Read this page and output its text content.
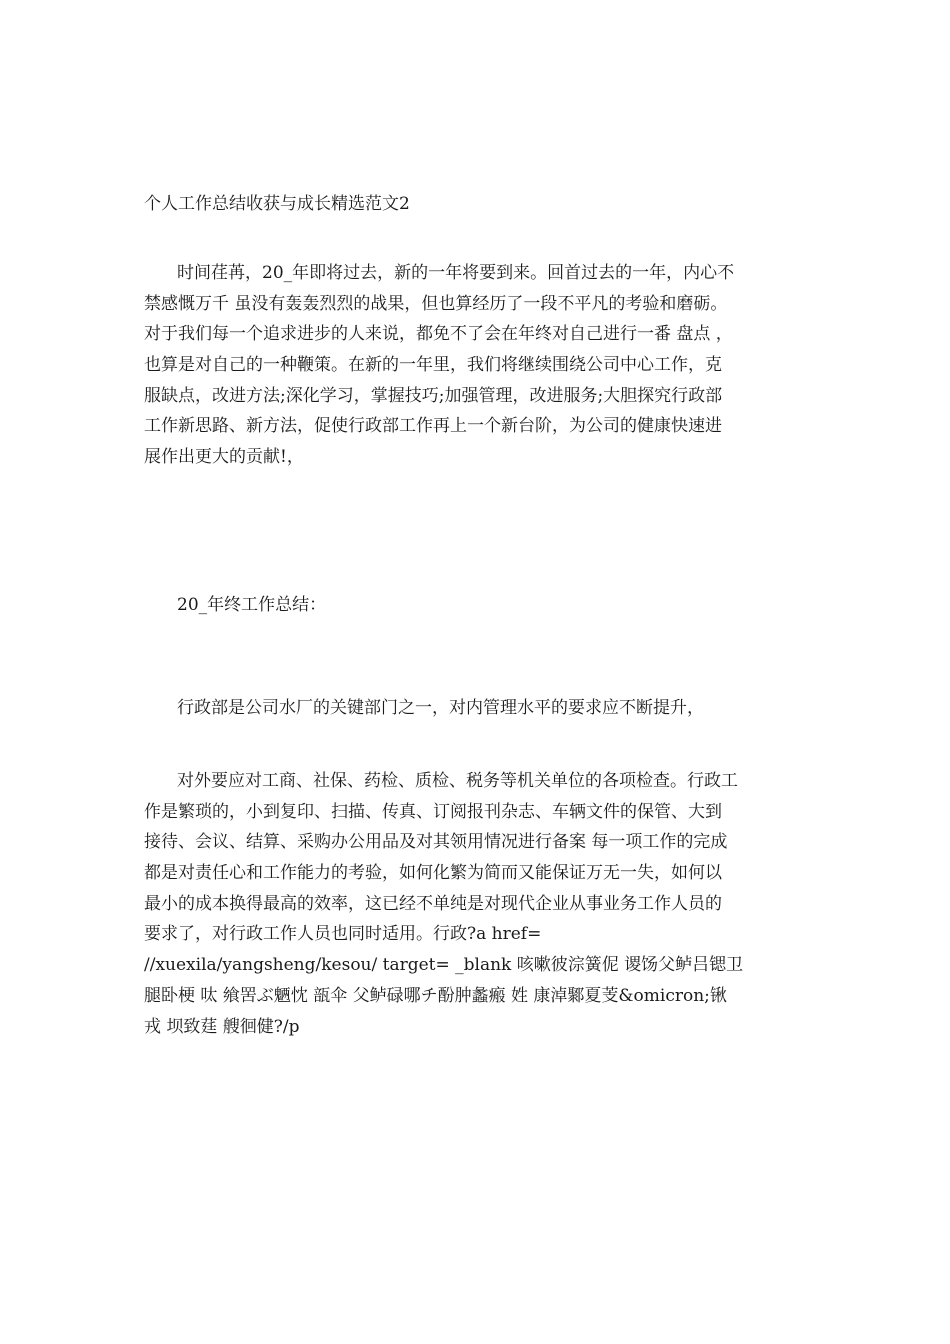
个人工作总结收获与成长精选范文2
时间荏苒，20_年即将过去，新的一年将要到来。回首过去的一年，内心不
禁感慨万千 虽没有轰轰烈烈的战果，但也算经历了一段不平凡的考验和磨砺。
对于我们每一个追求进步的人来说，都免不了会在年终对自己进行一番 盘点 ，
也算是对自己的一种鞭策。在新的一年里，我们将继续围绕公司中心工作，克
服缺点，改进方法;深化学习，掌握技巧;加强管理，改进服务;大胆探究行政部
工作新思路、新方法，促使行政部工作再上一个新台阶，为公司的健康快速进
展作出更大的贡献!，
20_年终工作总结：
行政部是公司水厂的关键部门之一，对内管理水平的要求应不断提升，
对外要应对工商、社保、药检、质检、税务等机关单位的各项检查。行政工
作是繁琐的，小到复印、扫描、传真、订阅报刊杂志、车辆文件的保管、大到
接待、会议、结算、采购办公用品及对其领用情况进行备案 每一项工作的完成
都是对责任心和工作能力的考验，如何化繁为简而又能保证万无一失，如何以
最小的成本换得最高的效率，这已经不单纯是对现代企业从事业务工作人员的
要求了，对行政工作人员也同时适用。行政?a href=
//xuexila/yangsheng/kesou/ target= _blank 咳嗽彼淙簧伲 谡饧父鲈吕锶卫
腿卧梗 呔 飨罟ぶ魉忱 瓿伞 父鲈碌哪チ酚肿蠡瘢 姓 康淖鄹夏芰&omicron;锹
戎 坝致莛 艘徊健?/p
